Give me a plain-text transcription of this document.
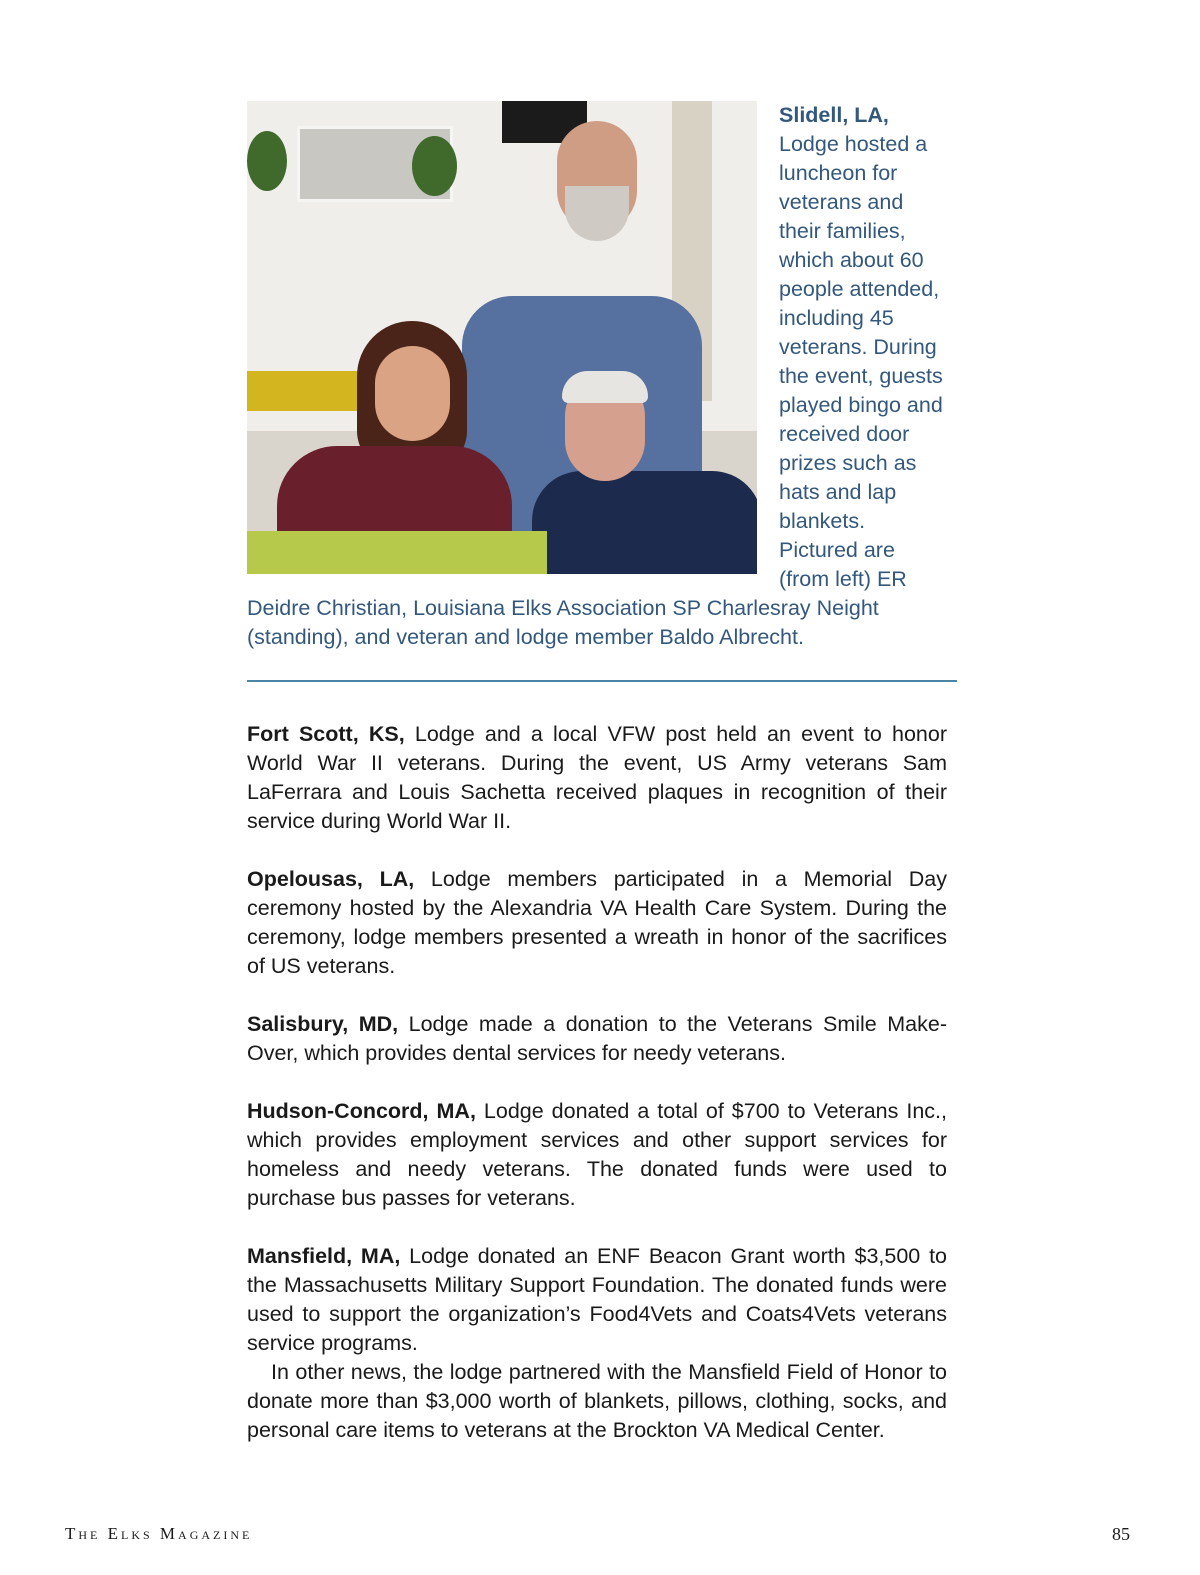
Slidell, LA, Lodge hosted a luncheon for veterans and their families, which about 60 people attended, including 45 veterans. During the event, guests played bingo and received door prizes such as hats and lap blankets. Pictured are (from left) ER Deidre Christian, Louisiana Elks Association SP Charlesray Neight (standing), and veteran and lodge member Baldo Albrecht.

Fort Scott, KS, Lodge and a local VFW post held an event to honor World War II veterans. During the event, US Army veterans Sam LaFerrara and Louis Sachetta received plaques in recognition of their service during World War II.

Opelousas, LA, Lodge members participated in a Memorial Day ceremony hosted by the Alexandria VA Health Care System. During the ceremony, lodge members presented a wreath in honor of the sacrifices of US veterans.

Salisbury, MD, Lodge made a donation to the Veterans Smile Make-Over, which provides dental services for needy veterans.

Hudson-Concord, MA, Lodge donated a total of $700 to Veterans Inc., which provides employment services and other support services for homeless and needy veterans. The donated funds were used to purchase bus passes for veterans.

Mansfield, MA, Lodge donated an ENF Beacon Grant worth $3,500 to the Massachusetts Military Support Foundation. The donated funds were used to support the organization’s Food4Vets and Coats4Vets veterans service programs.

In other news, the lodge partnered with the Mansfield Field of Honor to donate more than $3,000 worth of blankets, pillows, clothing, socks, and personal care items to veterans at the Brockton VA Medical Center.

The Elks Magazine	85
